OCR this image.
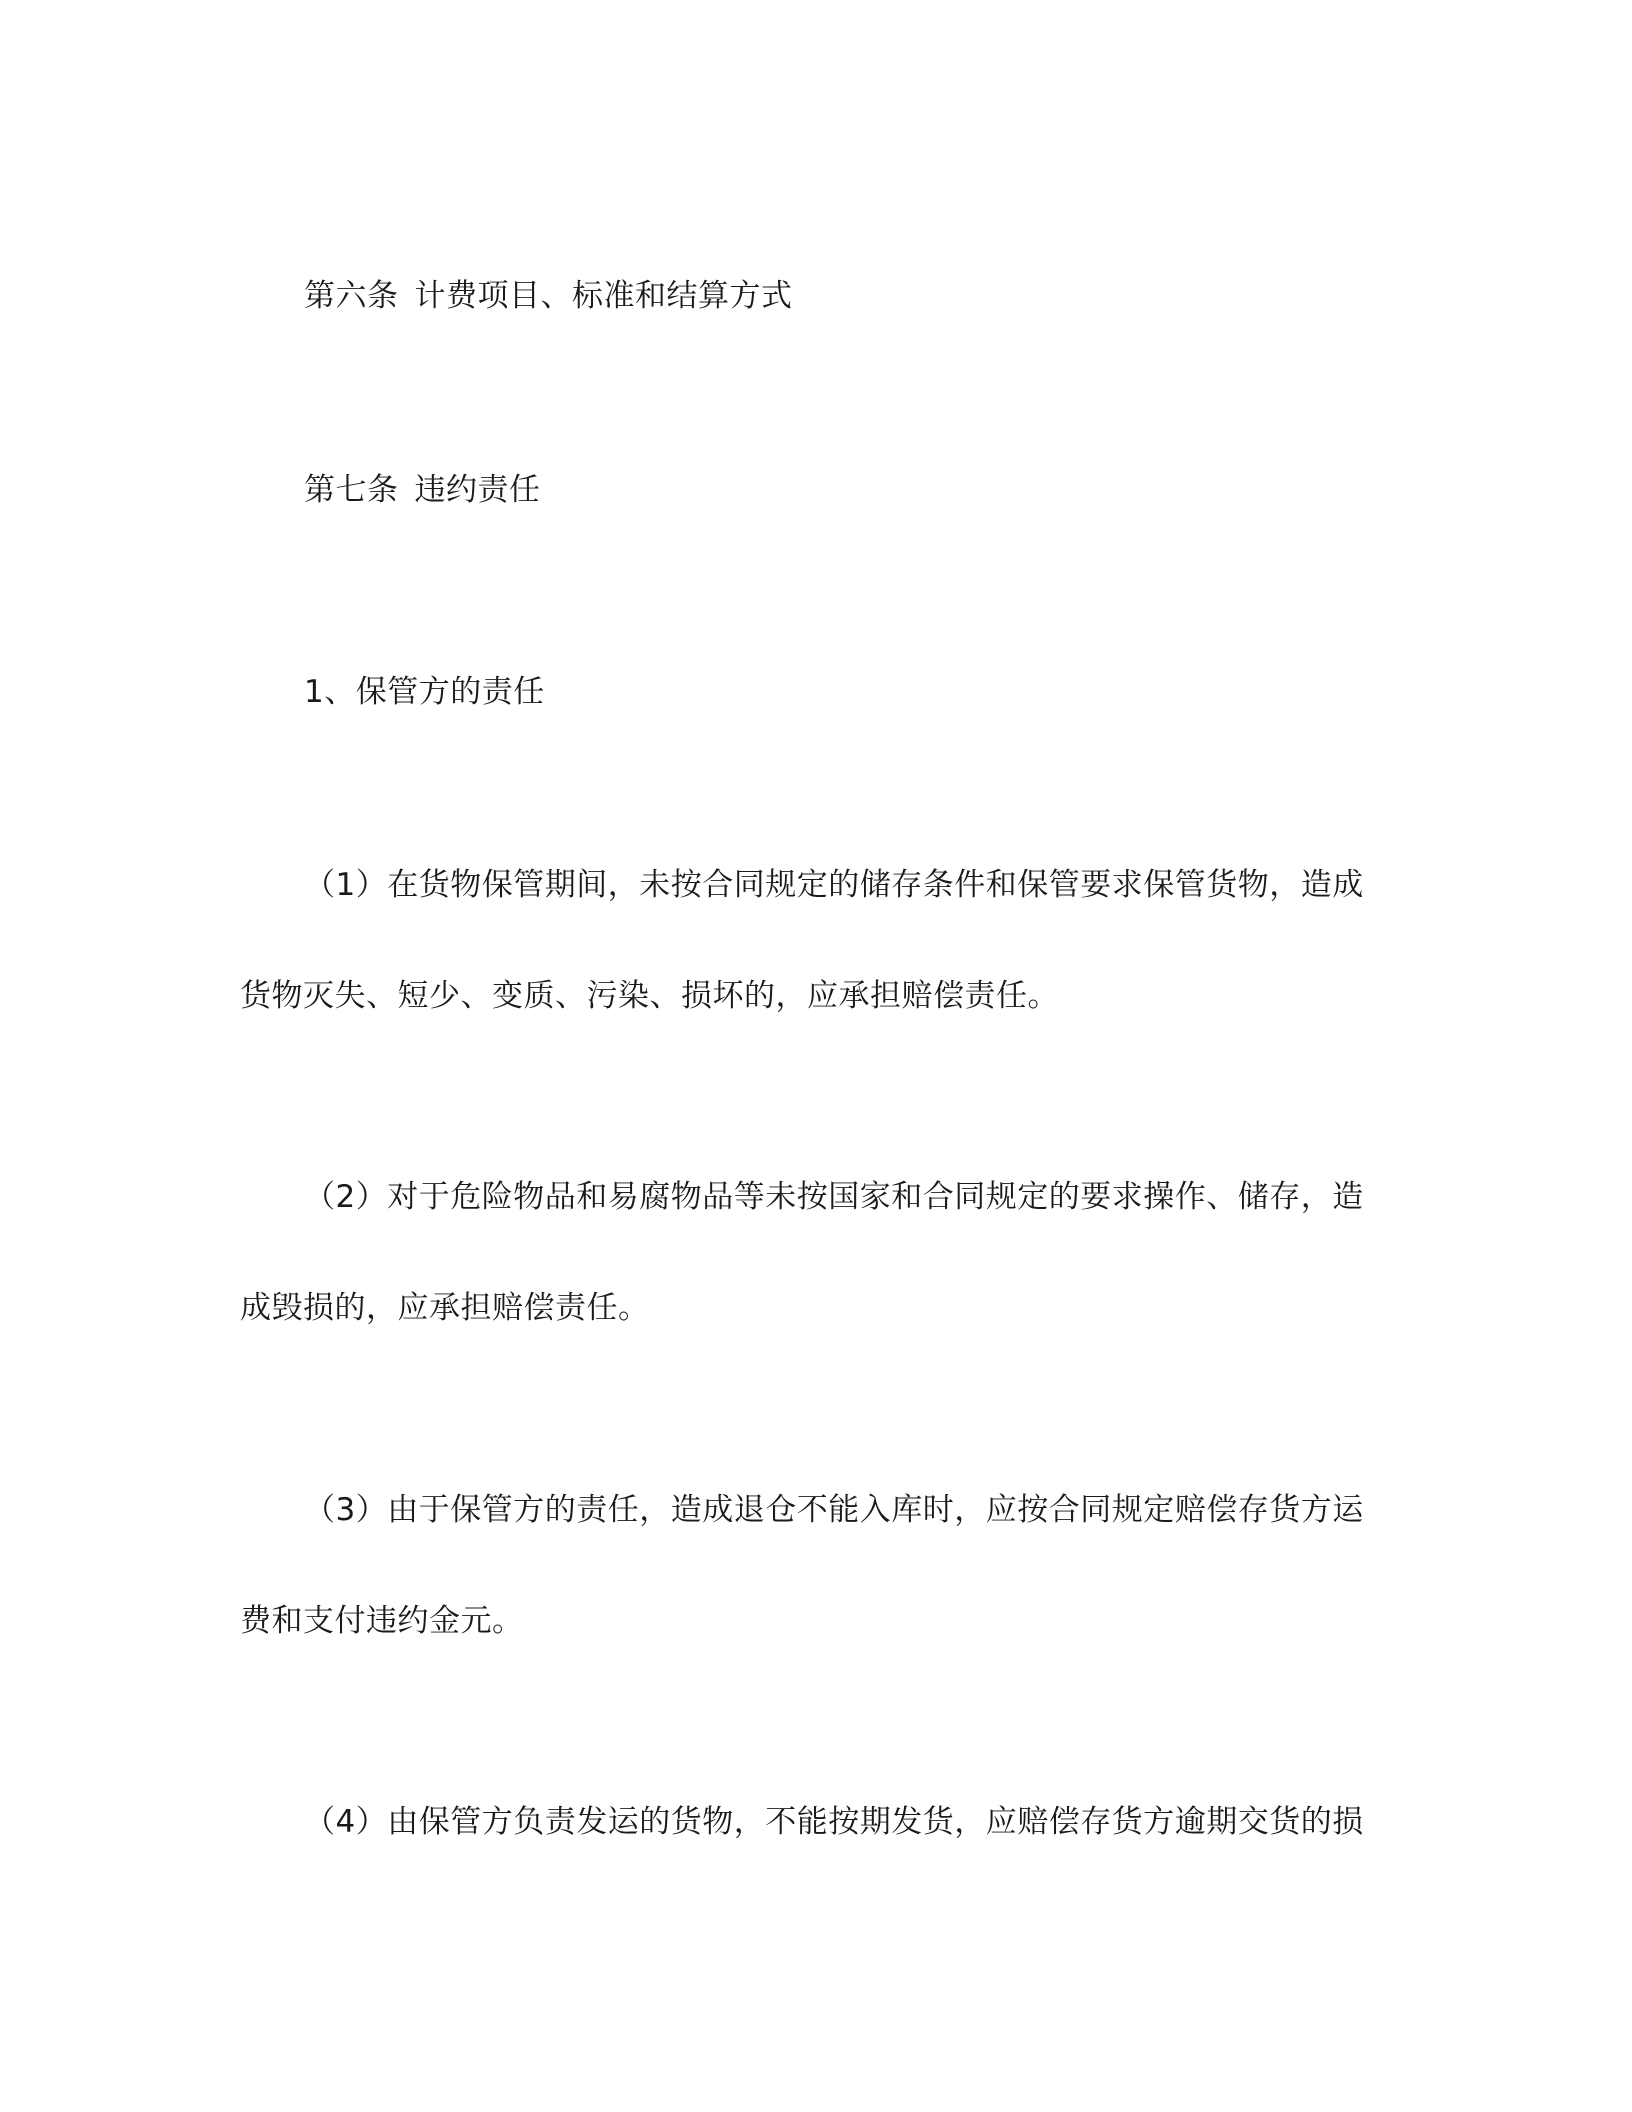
第六条 计费项目、标准和结算方式
第七条 违约责任
1、保管方的责任
（1）在货物保管期间，未按合同规定的储存条件和保管要求保管货物，造成
货物灭失、短少、变质、污染、损坏的，应承担赔偿责任。
（2）对于危险物品和易腐物品等未按国家和合同规定的要求操作、储存，造
成毁损的，应承担赔偿责任。
（3）由于保管方的责任，造成退仓不能入库时，应按合同规定赔偿存货方运
费和支付违约金元。
（4）由保管方负责发运的货物，不能按期发货，应赔偿存货方逾期交货的损
